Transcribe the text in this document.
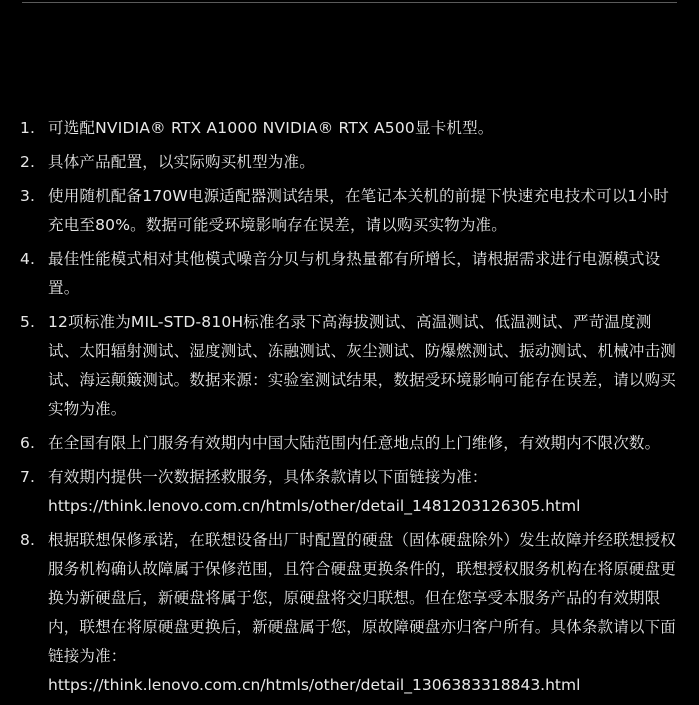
1. 可选配NVIDIA® RTX A1000 NVIDIA® RTX A500显卡机型。
2. 具体产品配置，以实际购买机型为准。
3. 使用随机配备170W电源适配器测试结果，在笔记本关机的前提下快速充电技术可以1小时充电至80%。数据可能受环境影响存在误差，请以购买实物为准。
4. 最佳性能模式相对其他模式噪音分贝与机身热量都有所增长，请根据需求进行电源模式设置。
5. 12项标准为MIL-STD-810H标准名录下高海拔测试、高温测试、低温测试、严苛温度测试、太阳辐射测试、湿度测试、冻融测试、灰尘测试、防爆燃测试、振动测试、机械冲击测试、海运颠簸测试。数据来源：实验室测试结果，数据受环境影响可能存在误差，请以购买实物为准。
6. 在全国有限上门服务有效期内中国大陆范围内任意地点的上门维修，有效期内不限次数。
7. 有效期内提供一次数据拯救服务，具体条款请以下面链接为准：
https://think.lenovo.com.cn/htmls/other/detail_1481203126305.html
8. 根据联想保修承诺，在联想设备出厂时配置的硬盘（固体硬盘除外）发生故障并经联想授权服务机构确认故障属于保修范围，且符合硬盘更换条件的，联想授权服务机构在将原硬盘更换为新硬盘后，新硬盘将属于您，原硬盘将交归联想。但在您享受本服务产品的有效期限内，联想在将原硬盘更换后，新硬盘属于您，原故障硬盘亦归客户所有。具体条款请以下面链接为准：
https://think.lenovo.com.cn/htmls/other/detail_1306383318843.html
